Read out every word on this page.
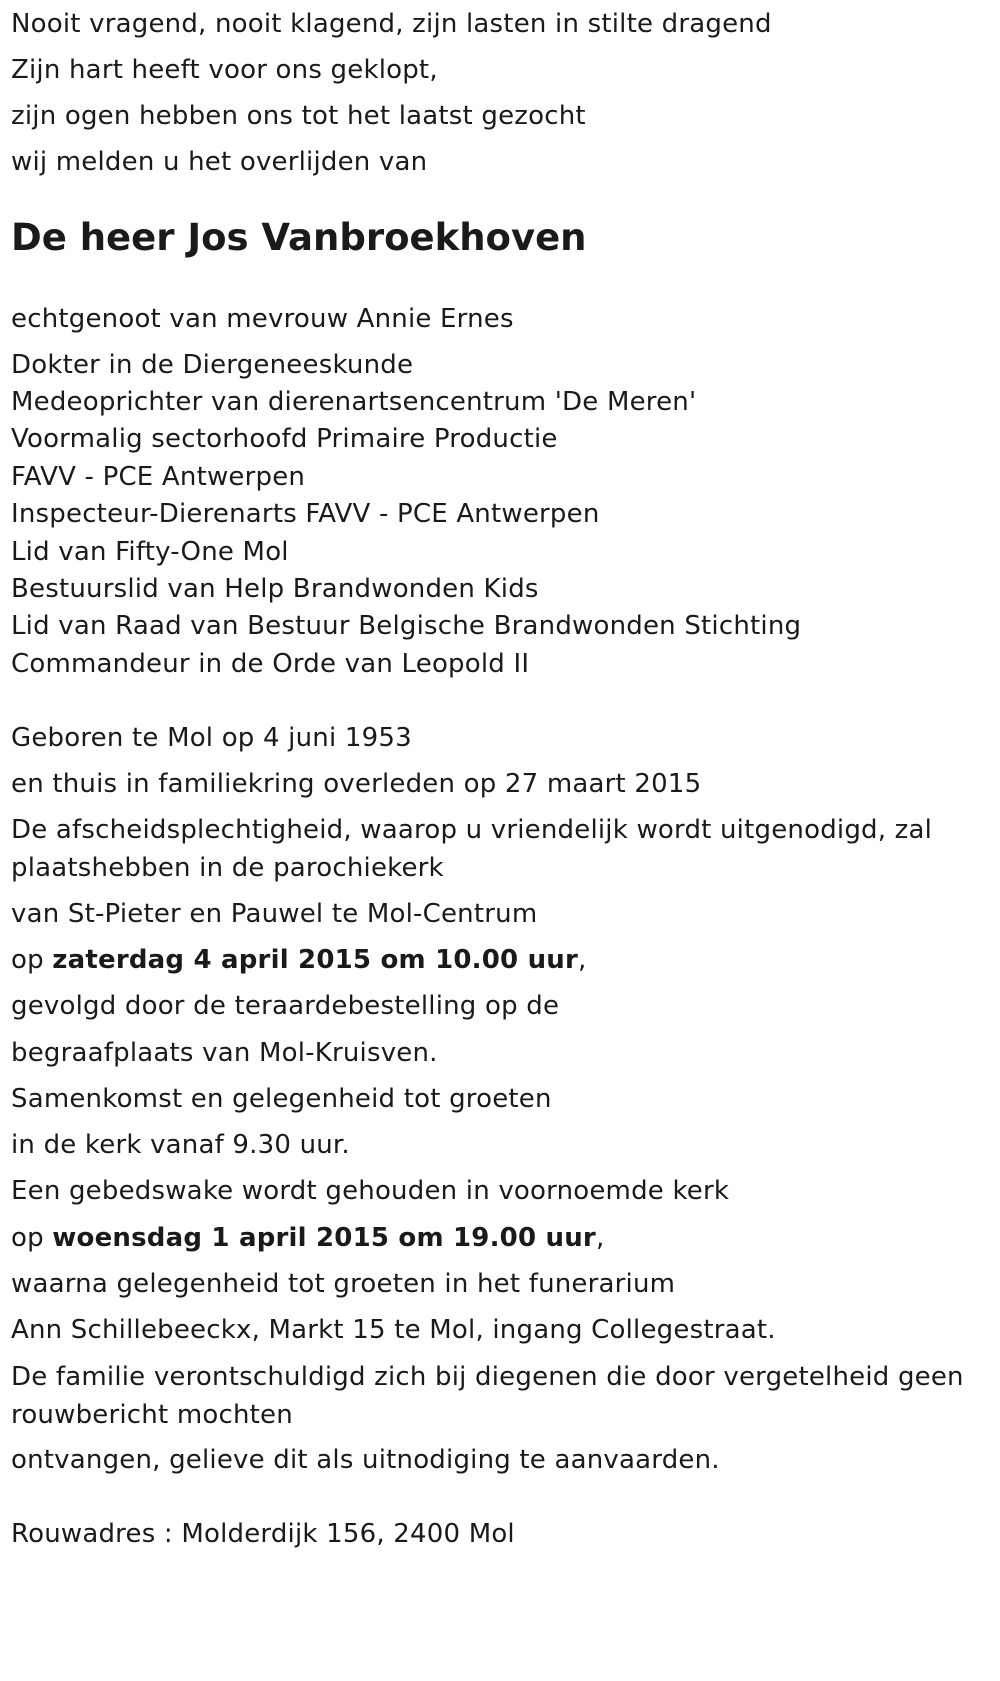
Nooit vragend, nooit klagend, zijn lasten in stilte dragend
Zijn hart heeft voor ons geklopt,
zijn ogen hebben ons tot het laatst gezocht
wij melden u het overlijden van
De heer Jos Vanbroekhoven
echtgenoot van mevrouw Annie Ernes
Dokter in de Diergeneeskunde
Medeoprichter van dierenartsencentrum 'De Meren'
Voormalig sectorhoofd Primaire Productie
FAVV - PCE Antwerpen
Inspecteur-Dierenarts FAVV - PCE Antwerpen
Lid van Fifty-One Mol
Bestuurslid van Help Brandwonden Kids
Lid van Raad van Bestuur Belgische Brandwonden Stichting
Commandeur in de Orde van Leopold II
Geboren te Mol op 4 juni 1953
en thuis in familiekring overleden op 27 maart 2015
De afscheidsplechtigheid, waarop u vriendelijk wordt uitgenodigd, zal plaatshebben in de parochiekerk
van St-Pieter en Pauwel te Mol-Centrum
op zaterdag 4 april 2015 om 10.00 uur,
gevolgd door de teraardebestelling op de
begraafplaats van Mol-Kruisven.
Samenkomst en gelegenheid tot groeten
in de kerk vanaf 9.30 uur.
Een gebedswake wordt gehouden in voornoemde kerk
op woensdag 1 april 2015 om 19.00 uur,
waarna gelegenheid tot groeten in het funerarium
Ann Schillebeeckx, Markt 15 te Mol, ingang Collegestraat.
De familie verontschuldigd zich bij diegenen die door vergetelheid geen rouwbericht mochten
ontvangen, gelieve dit als uitnodiging te aanvaarden.
Rouwadres : Molderdijk 156, 2400 Mol
